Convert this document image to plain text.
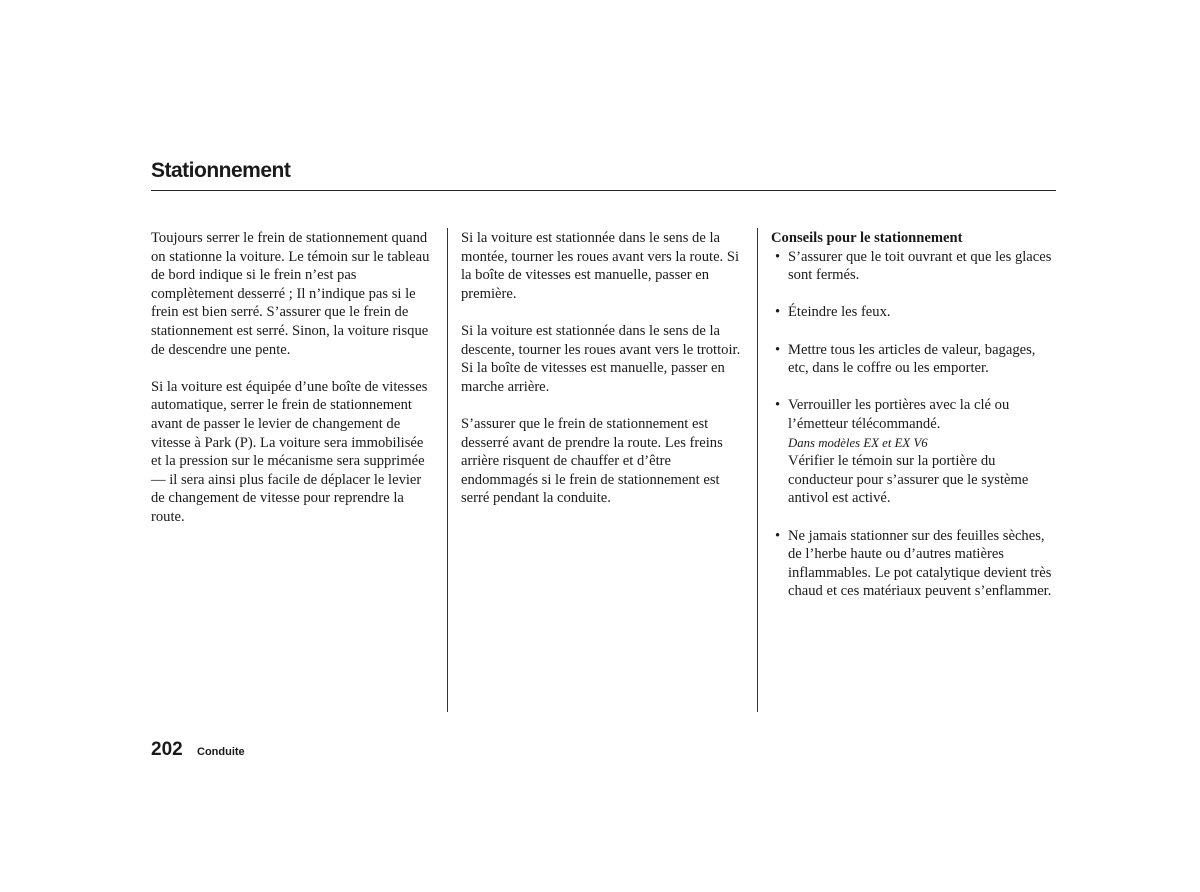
Stationnement

Toujours serrer le frein de stationnement quand on stationne la voiture. Le témoin sur le tableau de bord indique si le frein n’est pas complètement desserré ; Il n’indique pas si le frein est bien serré. S’assurer que le frein de stationnement est serré. Sinon, la voiture risque de descendre une pente.

Si la voiture est équipée d’une boîte de vitesses automatique, serrer le frein de stationnement avant de passer le levier de changement de vitesse à Park (P). La voiture sera immobilisée et la pression sur le mécanisme sera supprimée — il sera ainsi plus facile de déplacer le levier de changement de vitesse pour reprendre la route.

Si la voiture est stationnée dans le sens de la montée, tourner les roues avant vers la route. Si la boîte de vitesses est manuelle, passer en première.

Si la voiture est stationnée dans le sens de la descente, tourner les roues avant vers le trottoir. Si la boîte de vitesses est manuelle, passer en marche arrière.

S’assurer que le frein de stationnement est desserré avant de prendre la route. Les freins arrière risquent de chauffer et d’être endommagés si le frein de stationnement est serré pendant la conduite.

Conseils pour le stationnement
• S’assurer que le toit ouvrant et que les glaces sont fermés.
• Éteindre les feux.
• Mettre tous les articles de valeur, bagages, etc, dans le coffre ou les emporter.
• Verrouiller les portières avec la clé ou l’émetteur télécommandé.
Dans modèles EX et EX V6
Vérifier le témoin sur la portière du conducteur pour s’assurer que le système antivol est activé.
• Ne jamais stationner sur des feuilles sèches, de l’herbe haute ou d’autres matières inflammables. Le pot catalytique devient très chaud et ces matériaux peuvent s’enflammer.
202 Conduite
